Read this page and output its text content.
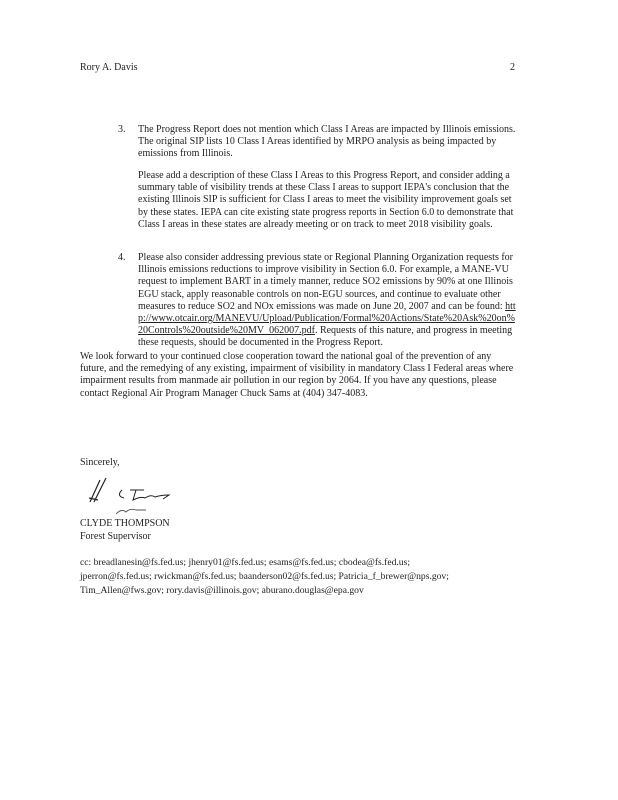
Rory A. Davis	2
3. The Progress Report does not mention which Class I Areas are impacted by Illinois emissions. The original SIP lists 10 Class I Areas identified by MRPO analysis as being impacted by emissions from Illinois.

Please add a description of these Class I Areas to this Progress Report, and consider adding a summary table of visibility trends at these Class I areas to support IEPA's conclusion that the existing Illinois SIP is sufficient for Class I areas to meet the visibility improvement goals set by these states. IEPA can cite existing state progress reports in Section 6.0 to demonstrate that Class I areas in these states are already meeting or on track to meet 2018 visibility goals.

4. Please also consider addressing previous state or Regional Planning Organization requests for Illinois emissions reductions to improve visibility in Section 6.0. For example, a MANE-VU request to implement BART in a timely manner, reduce SO2 emissions by 90% at one Illinois EGU stack, apply reasonable controls on non-EGU sources, and continue to evaluate other measures to reduce SO2 and NOx emissions was made on June 20, 2007 and can be found: http://www.otcair.org/MANEVU/Upload/Publication/Formal%20Actions/State%20Ask%20on%20Controls%20outside%20MV_062007.pdf. Requests of this nature, and progress in meeting these requests, should be documented in the Progress Report.

We look forward to your continued close cooperation toward the national goal of the prevention of any future, and the remedying of any existing, impairment of visibility in mandatory Class I Federal areas where impairment results from manmade air pollution in our region by 2064. If you have any questions, please contact Regional Air Program Manager Chuck Sams at (404) 347-4083.

Sincerely,
CLYDE THOMPSON
Forest Supervisor
cc: breadlanesin@fs.fed.us; jhenry01@fs.fed.us; esams@fs.fed.us; cbodea@fs.fed.us;
jperron@fs.fed.us; rwickman@fs.fed.us; baanderson02@fs.fed.us; Patricia_f_brewer@nps.gov;
Tim_Allen@fws.gov; rory.davis@illinois.gov; aburano.douglas@epa.gov
